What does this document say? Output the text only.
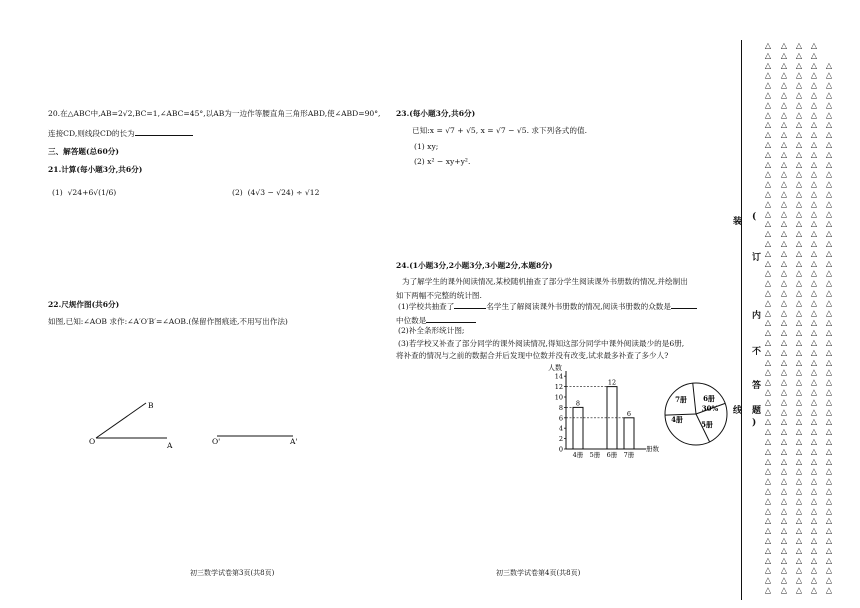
20.在△ABC中,AB=2√2,BC=1,∠ABC=45°,以AB为一边作等腰直角三角形ABD,使∠ABD=90°,
连接CD,则线段CD的长为
三、解答题(总60分)
21.计算(每小题3分,共6分)
(1) √24+6√(1/6)	(2) (4√3 − √24) ÷ √12
22.尺规作图(共6分)
如图,已知:∠AOB 求作:∠A′O′B′=∠AOB.(保留作图痕迹,不用写出作法)
B
O	A	O'	A'
初三数学试卷第3页(共8页)
23.(每小题3分,共6分)
已知:x = √7 + √5, x = √7 − √5. 求下列各式的值.
(1) xy;
(2) x² − xy+y².
24.(1小题3分,2小题3分,3小题2分,本题8分)
为了解学生的课外阅读情况,某校随机抽查了部分学生阅读课外书册数的情况,并绘制出
如下两幅不完整的统计图.
(1)学校共抽查了	名学生了解阅读课外书册数的情况,阅读书册数的众数是
中位数是
(2)补全条形统计图;
(3)若学校又补查了部分同学的课外阅读情况,得知这部分同学中课外阅读最少的是6册,
将补查的情况与之前的数据合并后发现中位数并没有改变,试求最多补查了多少人?
0
2
4
6
8
10
12
14
人数
8
4册 5册
12
6册
6
7册
册数
6册
7册
4册
5册
30%
初三数学试卷第4页(共8页)
(
)
装
订
线
内
不
答
题
△ △ △ △
△ △ △ △
△ △ △ △ △
△ △ △ △ △
△ △ △ △ △
△ △ △ △ △
△ △ △ △ △
△ △ △ △ △
△ △ △ △ △
△ △ △ △ △
△ △ △ △ △
△ △ △ △ △
△ △ △ △ △
△ △ △ △ △
△ △ △ △ △
△ △ △ △ △
△ △ △ △ △
△ △ △ △ △
△ △ △ △ △
△ △ △ △ △
△ △ △ △ △
△ △ △ △ △
△ △ △ △ △
△ △ △ △ △
△ △ △ △ △
△ △ △ △ △
△ △ △ △ △
△ △ △ △ △
△ △ △ △ △
△ △ △ △ △
△ △ △ △ △
△ △ △ △ △
△ △ △ △ △
△ △ △ △ △
△ △ △ △ △
△ △ △ △ △
△ △ △ △ △
△ △ △ △ △
△ △ △ △ △
△ △ △ △ △
△ △ △ △ △
△ △ △ △ △
△ △ △ △ △
△ △ △ △ △
△ △ △ △ △
△ △ △ △ △
△ △ △ △ △
△ △ △ △ △
△ △ △ △ △
△ △ △ △ △
△ △ △ △ △
△ △ △ △ △
△ △ △ △ △
△ △ △ △ △
△ △ △ △ △
△ △ △ △ △
